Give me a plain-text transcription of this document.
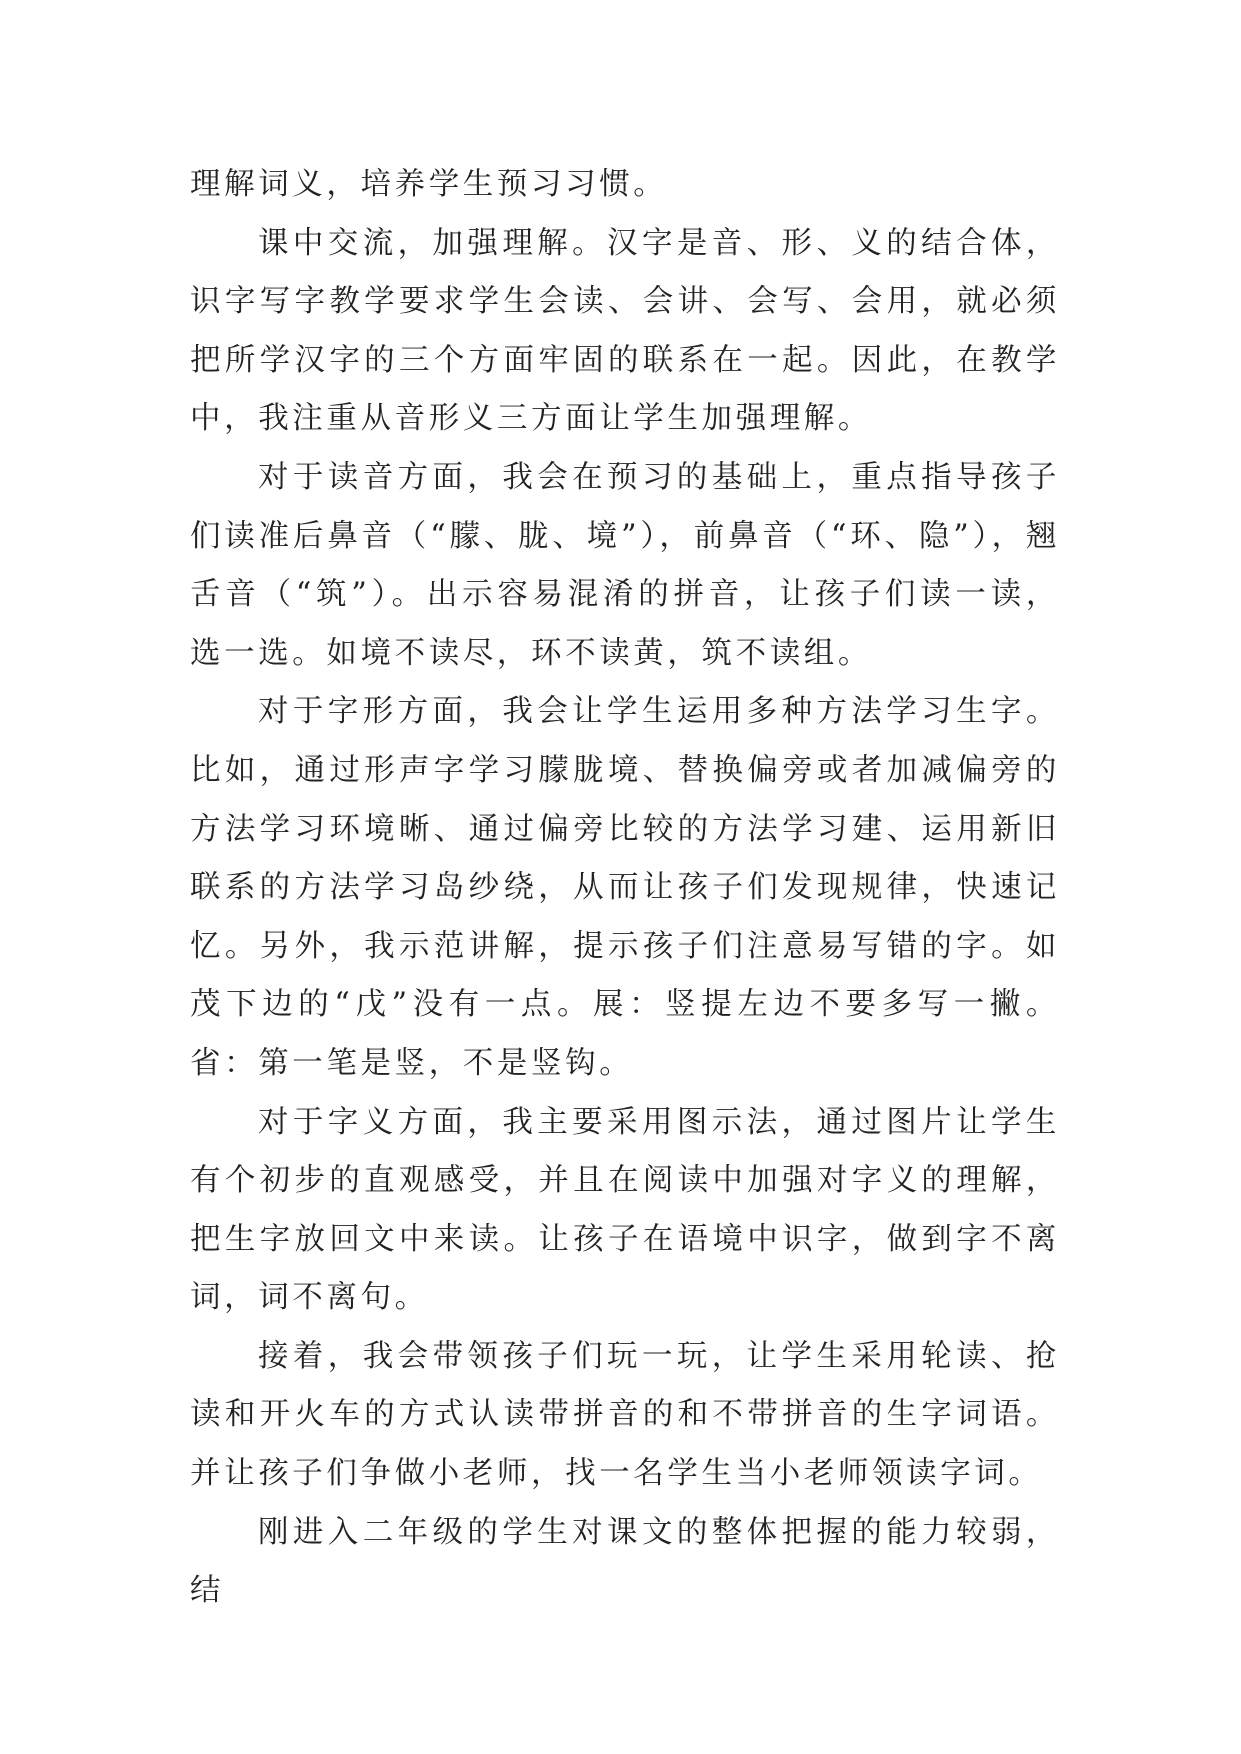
理解词义，培养学生预习习惯。

课中交流，加强理解。汉字是音、形、义的结合体，识字写字教学要求学生会读、会讲、会写、会用，就必须把所学汉字的三个方面牢固的联系在一起。因此，在教学中，我注重从音形义三方面让学生加强理解。

对于读音方面，我会在预习的基础上，重点指导孩子们读准后鼻音（“朦、胧、境”），前鼻音（“环、隐”），翘舌音（“筑”）。出示容易混淆的拼音，让孩子们读一读，选一选。如境不读尽，环不读黄，筑不读组。

对于字形方面，我会让学生运用多种方法学习生字。比如，通过形声字学习朦胧境、替换偏旁或者加减偏旁的方法学习环境晰、通过偏旁比较的方法学习建、运用新旧联系的方法学习岛纱绕，从而让孩子们发现规律，快速记忆。另外，我示范讲解，提示孩子们注意易写错的字。如茂下边的“戊”没有一点。展：竖提左边不要多写一撇。省：第一笔是竖，不是竖钩。

对于字义方面，我主要采用图示法，通过图片让学生有个初步的直观感受，并且在阅读中加强对字义的理解，把生字放回文中来读。让孩子在语境中识字，做到字不离词，词不离句。

接着，我会带领孩子们玩一玩，让学生采用轮读、抢读和开火车的方式认读带拼音的和不带拼音的生字词语。并让孩子们争做小老师，找一名学生当小老师领读字词。

刚进入二年级的学生对课文的整体把握的能力较弱，结
